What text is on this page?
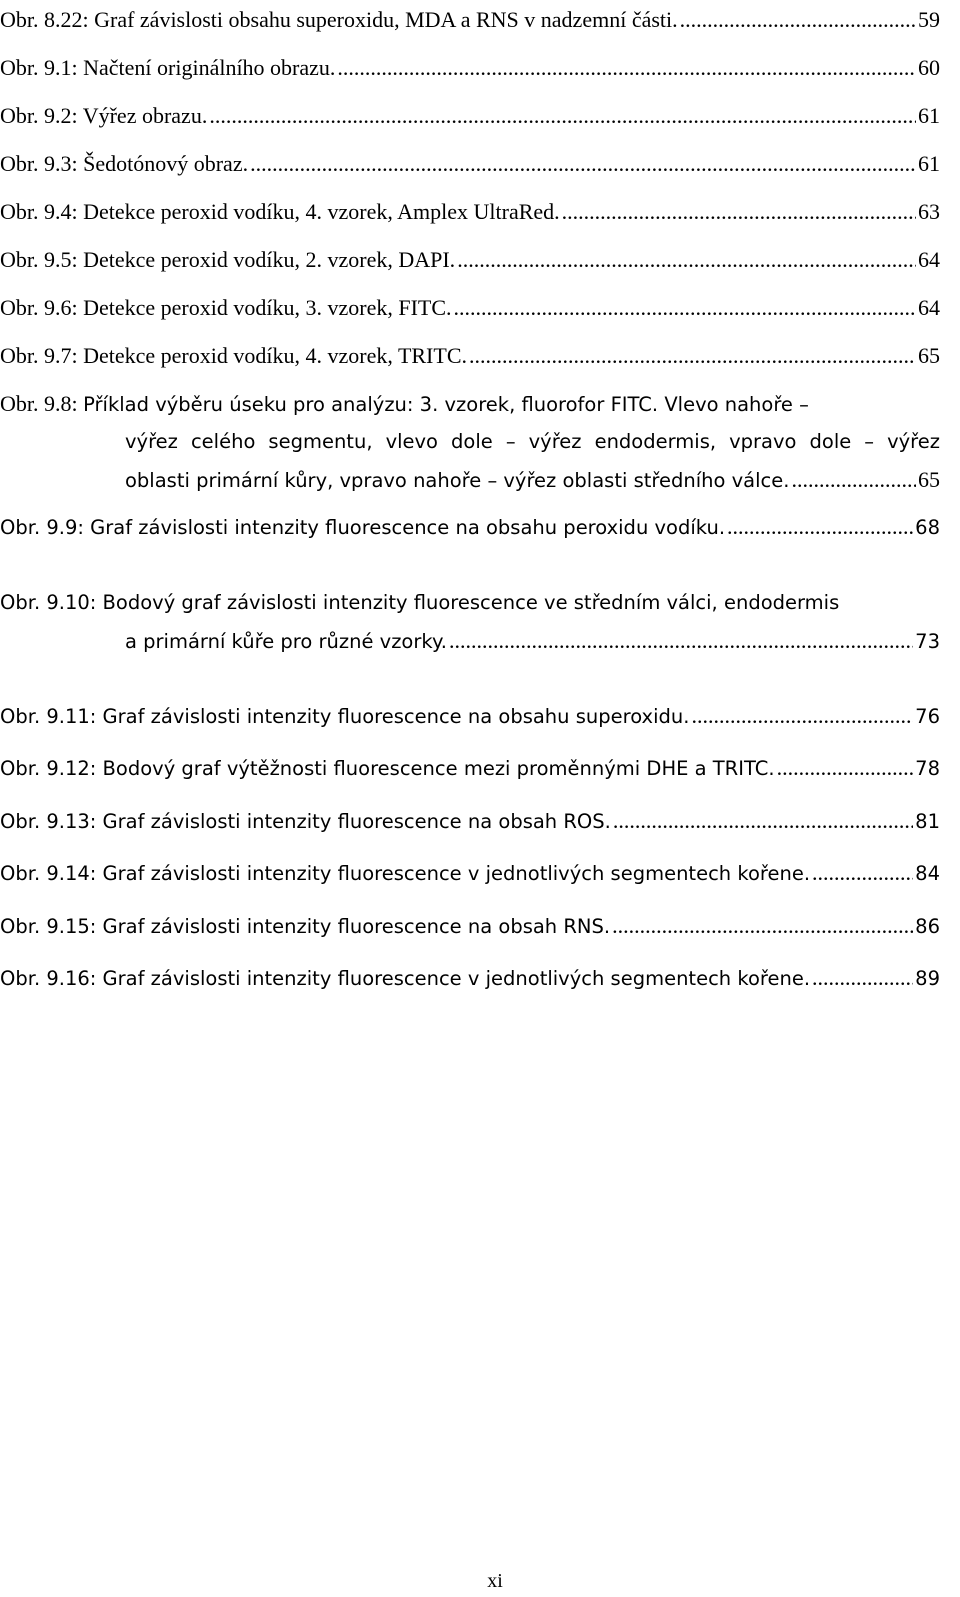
Obr. 8.22: Graf závislosti obsahu superoxidu, MDA a RNS v nadzemní části. .....	59
Obr. 9.1: Načtení originálního obrazu. .....	60
Obr. 9.2: Výřez obrazu. .....	61
Obr. 9.3: Šedotónový obraz. .....	61
Obr. 9.4: Detekce peroxid vodíku, 4. vzorek, Amplex UltraRed. .....	63
Obr. 9.5: Detekce peroxid vodíku, 2. vzorek, DAPI. .....	64
Obr. 9.6: Detekce peroxid vodíku, 3. vzorek, FITC. .....	64
Obr. 9.7: Detekce peroxid vodíku, 4. vzorek, TRITC. .....	65
Obr. 9.8: Příklad výběru úseku pro analýzu: 3. vzorek, fluorofor FITC. Vlevo nahoře –
výřez celého segmentu, vlevo dole – výřez endodermis, vpravo dole – výřez
oblasti primární kůry, vpravo nahoře – výřez oblasti středního válce. .....	65
Obr. 9.9: Graf závislosti intenzity fluorescence na obsahu peroxidu vodíku. .....	68
Obr. 9.10: Bodový graf závislosti intenzity fluorescence ve středním válci, endodermis
a primární kůře pro různé vzorky. .....	73
Obr. 9.11: Graf závislosti intenzity fluorescence na obsahu superoxidu. .....	76
Obr. 9.12: Bodový graf výtěžnosti fluorescence mezi proměnnými DHE a TRITC. .....	78
Obr. 9.13: Graf závislosti intenzity fluorescence na obsah ROS. .....	81
Obr. 9.14: Graf závislosti intenzity fluorescence v jednotlivých segmentech kořene. .....	84
Obr. 9.15: Graf závislosti intenzity fluorescence na obsah RNS. .....	86
Obr. 9.16: Graf závislosti intenzity fluorescence v jednotlivých segmentech kořene. .....	89
xi
